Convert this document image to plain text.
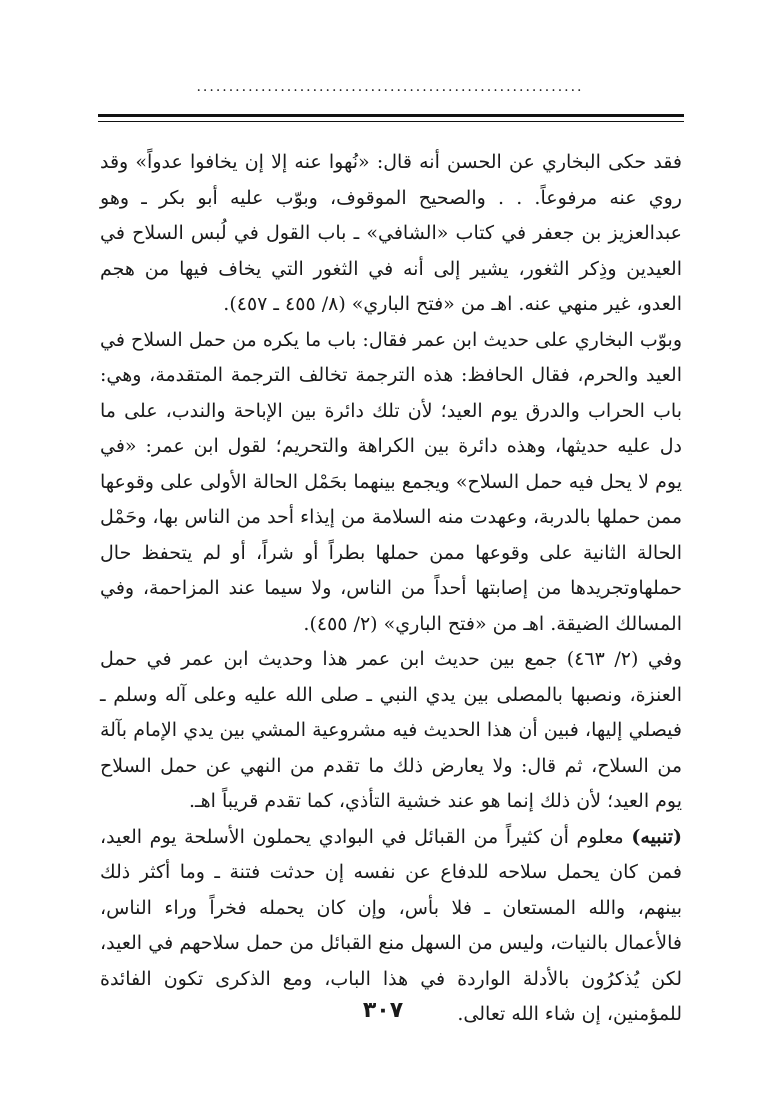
............................................................

فقد حكى البخاري عن الحسن أنه قال: «نُهوا عنه إلا إن يخافوا عدواً» وقد روي عنه مرفوعاً. . . والصحيح الموقوف، وبوّب عليه أبو بكر ـ وهو عبدالعزيز بن جعفر في كتاب «الشافي» ـ باب القول في لُبس السلاح في العيدين وذِكر الثغور، يشير إلى أنه في الثغور التي يخاف فيها من هجم العدو، غير منهي عنه. اهـ من «فتح الباري» (٨/ ٤٥٥ ـ ٤٥٧).

وبوّب البخاري على حديث ابن عمر فقال: باب ما يكره من حمل السلاح في العيد والحرم، فقال الحافظ: هذه الترجمة تخالف الترجمة المتقدمة، وهي: باب الحراب والدرق يوم العيد؛ لأن تلك دائرة بين الإباحة والندب، على ما دل عليه حديثها، وهذه دائرة بين الكراهة والتحريم؛ لقول ابن عمر: «في يوم لا يحل فيه حمل السلاح» ويجمع بينهما بحَمْل الحالة الأولى على وقوعها ممن حملها بالدربة، وعهدت منه السلامة من إيذاء أحد من الناس بها، وحَمْل الحالة الثانية على وقوعها ممن حملها بطراً أو شراً، أو لم يتحفظ حال حملهاوتجريدها من إصابتها أحداً من الناس، ولا سيما عند المزاحمة، وفي المسالك الضيقة. اهـ من «فتح الباري» (٢/ ٤٥٥).

وفي (٢/ ٤٦٣) جمع بين حديث ابن عمر هذا وحديث ابن عمر في حمل العنزة، ونصبها بالمصلى بين يدي النبي ـ صلى الله عليه وعلى آله وسلم ـ فيصلي إليها، فبين أن هذا الحديث فيه مشروعية المشي بين يدي الإمام بآلة من السلاح، ثم قال: ولا يعارض ذلك ما تقدم من النهي عن حمل السلاح يوم العيد؛ لأن ذلك إنما هو عند خشية التأذي، كما تقدم قريباً اهـ.

(تنبيه) معلوم أن كثيراً من القبائل في البوادي يحملون الأسلحة يوم العيد، فمن كان يحمل سلاحه للدفاع عن نفسه إن حدثت فتنة ـ وما أكثر ذلك بينهم، والله المستعان ـ فلا بأس، وإن كان يحمله فخراً وراء الناس، فالأعمال بالنيات، وليس من السهل منع القبائل من حمل سلاحهم في العيد، لكن يُذكرُون بالأدلة الواردة في هذا الباب، ومع الذكرى تكون الفائدة للمؤمنين، إن شاء الله تعالى.

٣٠٧
